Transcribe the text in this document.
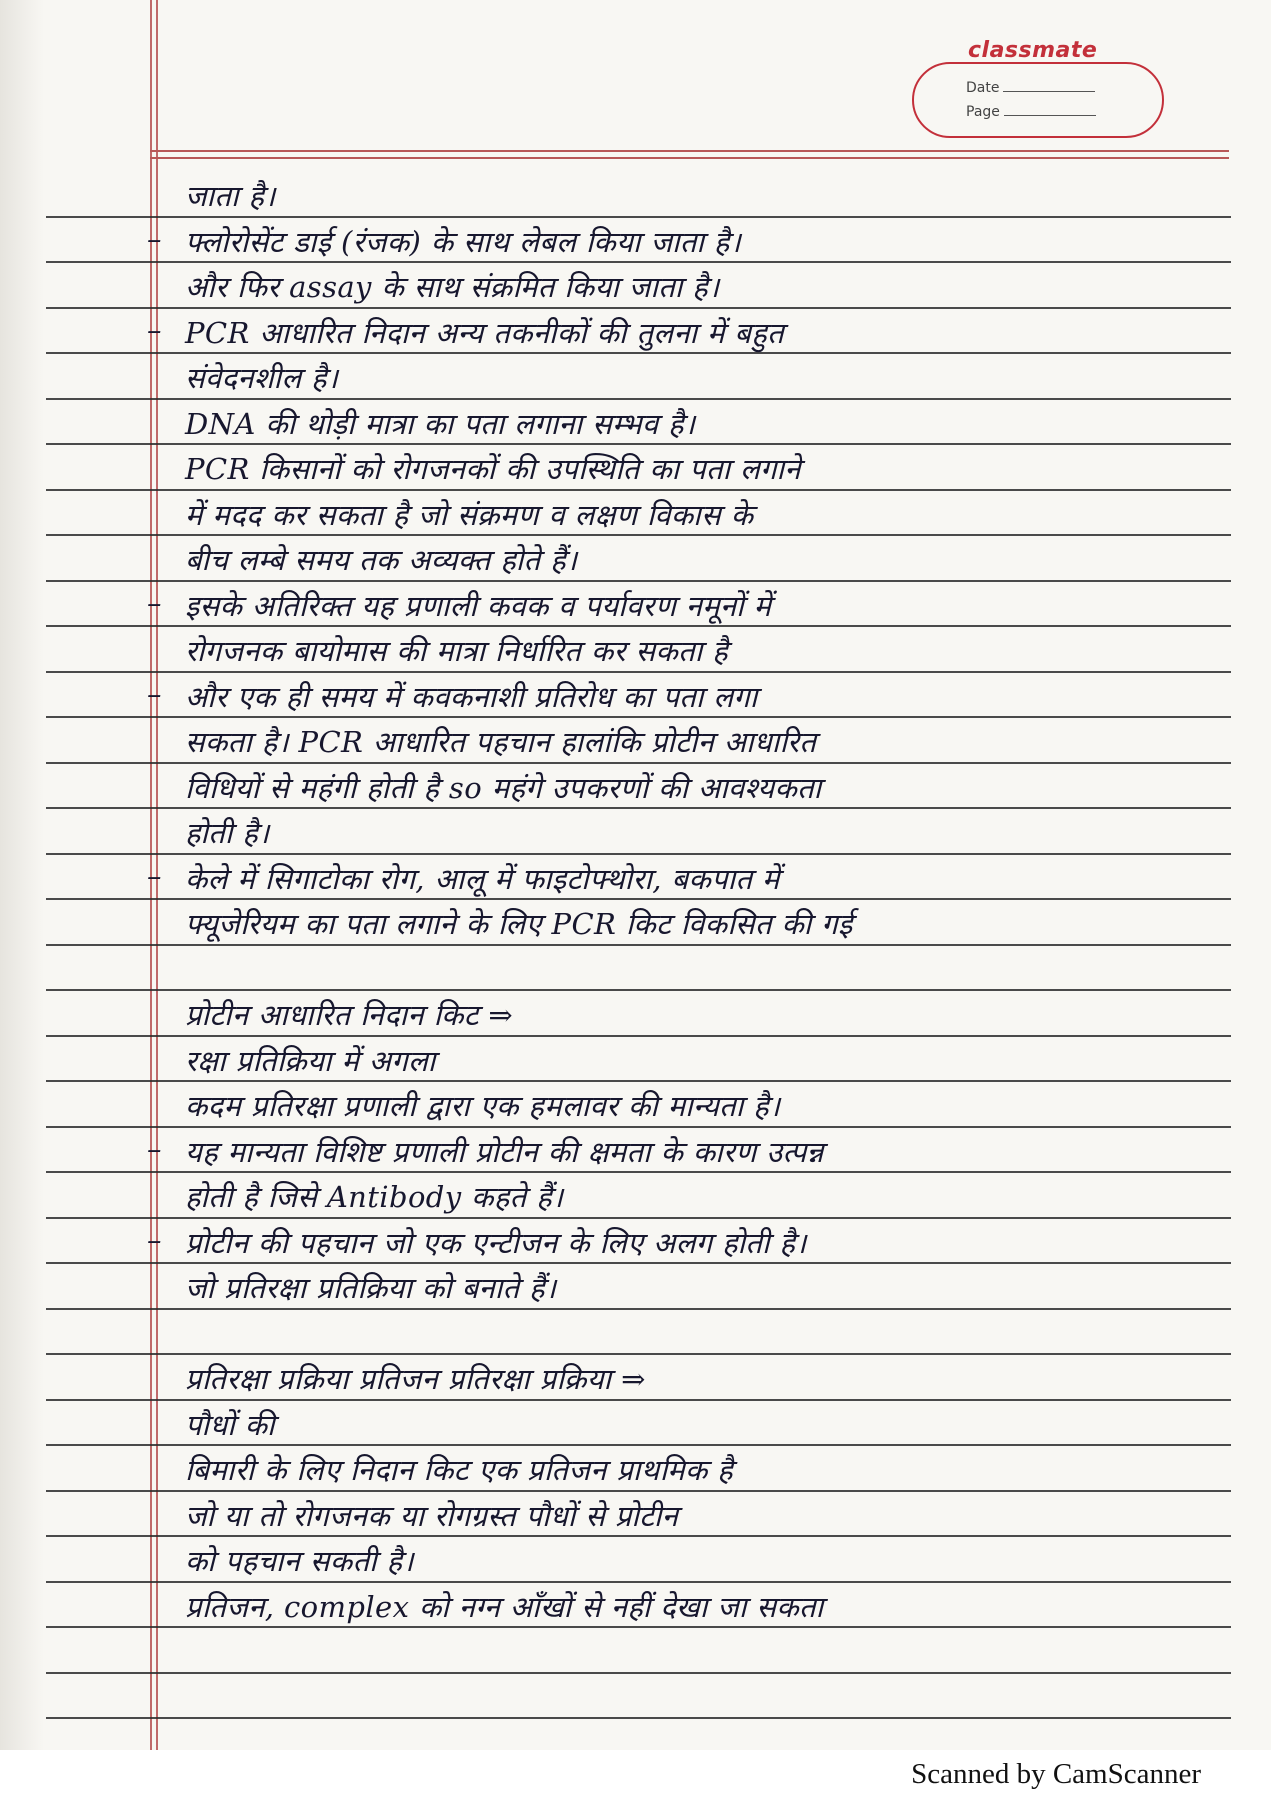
classmate
Date
Page
जाता है।
– फ्लोरोसेंट डाई (रंजक) के साथ लेबल किया जाता है।
और फिर assay के साथ संक्रमित किया जाता है।
– PCR आधारित निदान अन्य तकनीकों की तुलना में बहुत
संवेदनशील है।
DNA की थोड़ी मात्रा का पता लगाना सम्भव है।
PCR किसानों को रोगजनकों की उपस्थिति का पता लगाने
में मदद कर सकता है जो संक्रमण व लक्षण विकास के
बीच लम्बे समय तक अव्यक्त होते हैं।
– इसके अतिरिक्त यह प्रणाली कवक व पर्यावरण नमूनों में
रोगजनक बायोमास की मात्रा निर्धारित कर सकता है
– और एक ही समय में कवकनाशी प्रतिरोध का पता लगा
सकता है। PCR आधारित पहचान हालांकि प्रोटीन आधारित
विधियों से महंगी होती है so महंगे उपकरणों की आवश्यकता
होती है।
– केले में सिगाटोका रोग, आलू में फाइटोफ्थोरा, बकपात में
फ्यूजेरियम का पता लगाने के लिए PCR किट विकसित की गई
प्रोटीन आधारित निदान किट ⇒
रक्षा प्रतिक्रिया में अगला
कदम प्रतिरक्षा प्रणाली द्वारा एक हमलावर की मान्यता है।
– यह मान्यता विशिष्ट प्रणाली प्रोटीन की क्षमता के कारण उत्पन्न
होती है जिसे Antibody कहते हैं।
– प्रोटीन की पहचान जो एक एन्टीजन के लिए अलग होती है।
जो प्रतिरक्षा प्रतिक्रिया को बनाते हैं।
प्रतिरक्षा प्रक्रिया प्रतिजन प्रतिरक्षा प्रक्रिया ⇒
पौधों की
बिमारी के लिए निदान किट एक प्रतिजन प्राथमिक है
जो या तो रोगजनक या रोगग्रस्त पौधों से प्रोटीन
को पहचान सकती है।
प्रतिजन, complex को नग्न आँखों से नहीं देखा जा सकता
Scanned by CamScanner
